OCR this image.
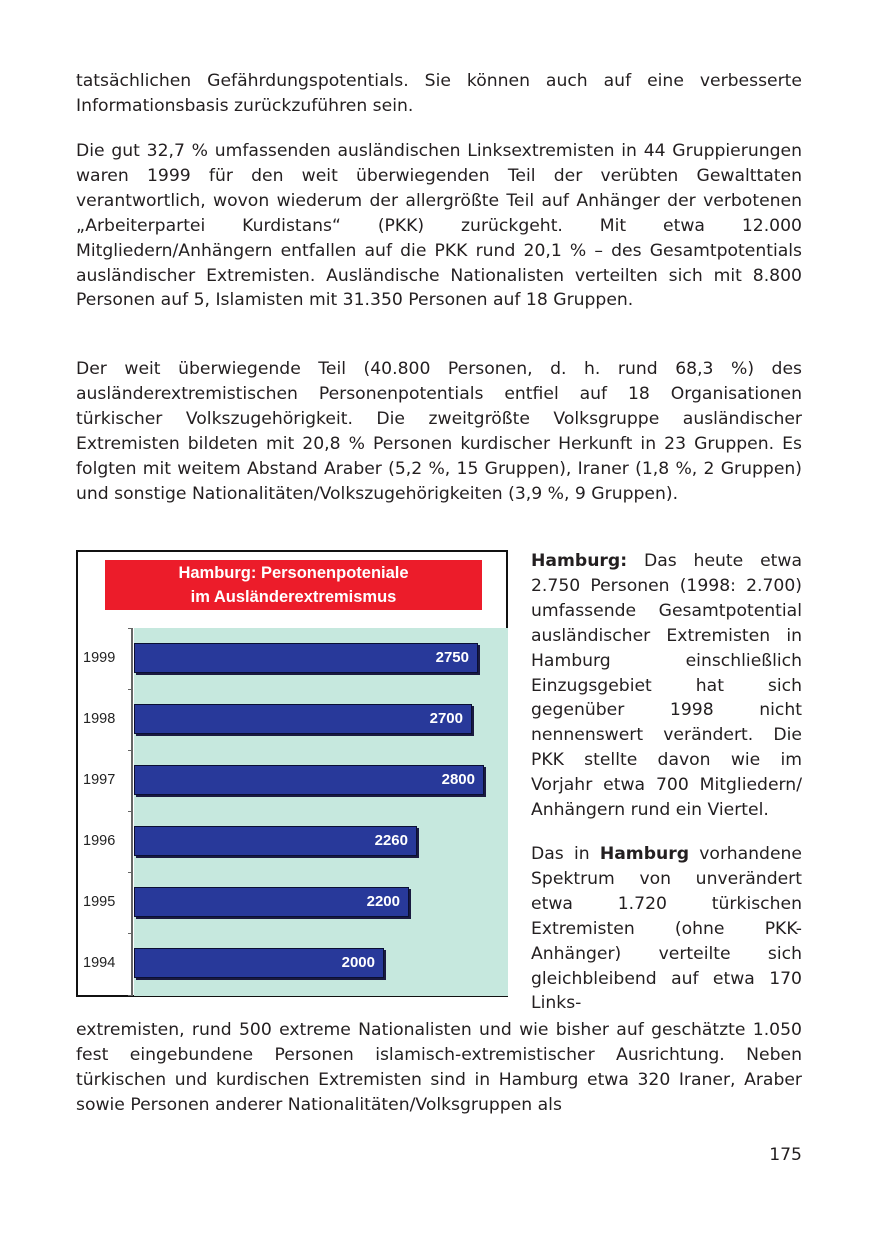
tatsächlichen Gefährdungspotentials. Sie können auch auf eine verbesserte Informationsbasis zurückzuführen sein.

Die gut 32,7 % umfassenden ausländischen Linksextremisten in 44 Gruppierungen waren 1999 für den weit überwiegenden Teil der verübten Gewalttaten verantwortlich, wovon wiederum der allergrößte Teil auf Anhänger der verbotenen „Arbeiterpartei Kurdistans“ (PKK) zurückgeht. Mit etwa 12.000 Mitgliedern/Anhängern entfallen auf die PKK rund 20,1 % – des Gesamtpotentials ausländischer Extremisten. Ausländische Nationalisten verteilten sich mit 8.800 Personen auf 5, Islamisten mit 31.350 Personen auf 18 Gruppen.

Der weit überwiegende Teil (40.800 Personen, d. h. rund 68,3 %) des ausländerextremistischen Personenpotentials entfiel auf 18 Organisationen türkischer Volkszugehörigkeit. Die zweitgrößte Volksgruppe ausländischer Extremisten bildeten mit 20,8 % Personen kurdischer Herkunft in 23 Gruppen. Es folgten mit weitem Abstand Araber (5,2 %, 15 Gruppen), Iraner (1,8 %, 2 Gruppen) und sonstige Nationalitäten/Volkszugehörigkeiten (3,9 %, 9 Gruppen).

Hamburg: Personenpoteniale
im Ausländerextremismus
2750
1999
2700
1998
2800
1997
2260
1996
2200
1995
2000
1994

Hamburg: Das heute etwa 2.750 Personen (1998: 2.700) umfassende Gesamtpotential ausländischer Extremisten in Hamburg einschließlich Einzugsgebiet hat sich gegenüber 1998 nicht nennenswert verändert. Die PKK stellte davon wie im Vorjahr etwa 700 Mitgliedern/ Anhängern rund ein Viertel.

Das in Hamburg vorhandene Spektrum von unverändert etwa 1.720 türkischen Extremisten (ohne PKK-Anhänger) verteilte sich gleichbleibend auf etwa 170 Links-

extremisten, rund 500 extreme Nationalisten und wie bisher auf geschätzte 1.050 fest eingebundene Personen islamisch-extremistischer Ausrichtung. Neben türkischen und kurdischen Extremisten sind in Hamburg etwa 320 Iraner, Araber sowie Personen anderer Nationalitäten/Volksgruppen als

175
